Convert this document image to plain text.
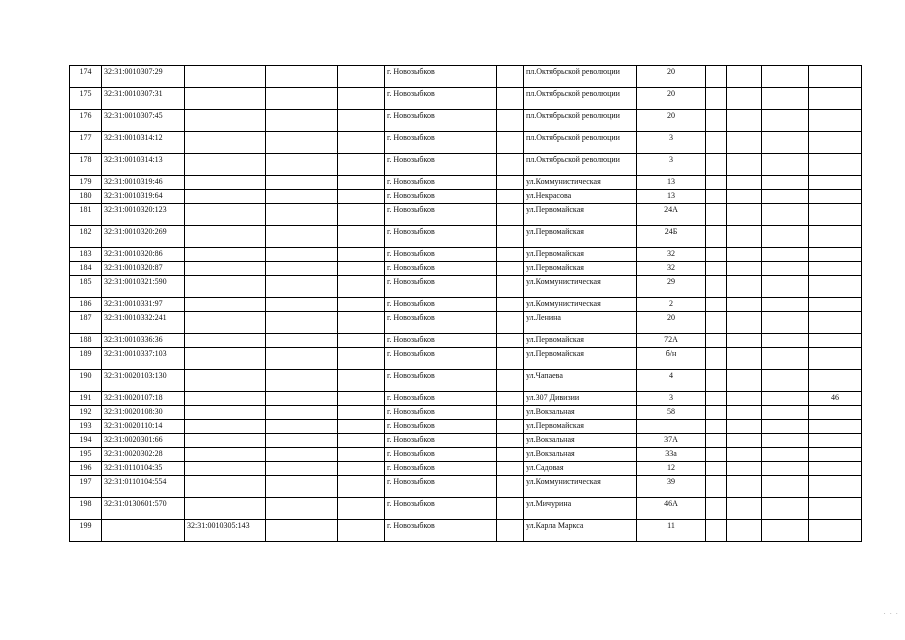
174	32:31:0010307:29				г. Новозыбков		пл.Октябрьской революции	20				
175	32:31:0010307:31				г. Новозыбков		пл.Октябрьской революции	20				
176	32:31:0010307:45				г. Новозыбков		пл.Октябрьской революции	20				
177	32:31:0010314:12				г. Новозыбков		пл.Октябрьской революции	3				
178	32:31:0010314:13				г. Новозыбков		пл.Октябрьской революции	3				
179	32:31:0010319:46				г. Новозыбков		ул.Коммунистическая	13				
180	32:31:0010319:64				г. Новозыбков		ул.Некрасова	13				
181	32:31:0010320:123				г. Новозыбков		ул.Первомайская	24А				
182	32:31:0010320:269				г. Новозыбков		ул.Первомайская	24Б				
183	32:31:0010320:86				г. Новозыбков		ул.Первомайская	32				
184	32:31:0010320:87				г. Новозыбков		ул.Первомайская	32				
185	32:31:0010321:590				г. Новозыбков		ул.Коммунистическая	29				
186	32:31:0010331:97				г. Новозыбков		ул.Коммунистическая	2				
187	32:31:0010332:241				г. Новозыбков		ул.Ленина	20				
188	32:31:0010336:36				г. Новозыбков		ул.Первомайская	72А				
189	32:31:0010337:103				г. Новозыбков		ул.Первомайская	б/н				
190	32:31:0020103:130				г. Новозыбков		ул.Чапаева	4				
191	32:31:0020107:18				г. Новозыбков		ул.307 Дивизии	3				46
192	32:31:0020108:30				г. Новозыбков		ул.Вокзальная	58				
193	32:31:0020110:14				г. Новозыбков		ул.Первомайская					
194	32:31:0020301:66				г. Новозыбков		ул.Вокзальная	37А				
195	32:31:0020302:28				г. Новозыбков		ул.Вокзальная	33а				
196	32:31:0110104:35				г. Новозыбков		ул.Садовая	12				
197	32:31:0110104:554				г. Новозыбков		ул.Коммунистическая	39				
198	32:31:0130601:570				г. Новозыбков		ул.Мичурина	46А				
199		32:31:0010305:143			г. Новозыбков		ул.Карла Маркса	11				
· · ·
